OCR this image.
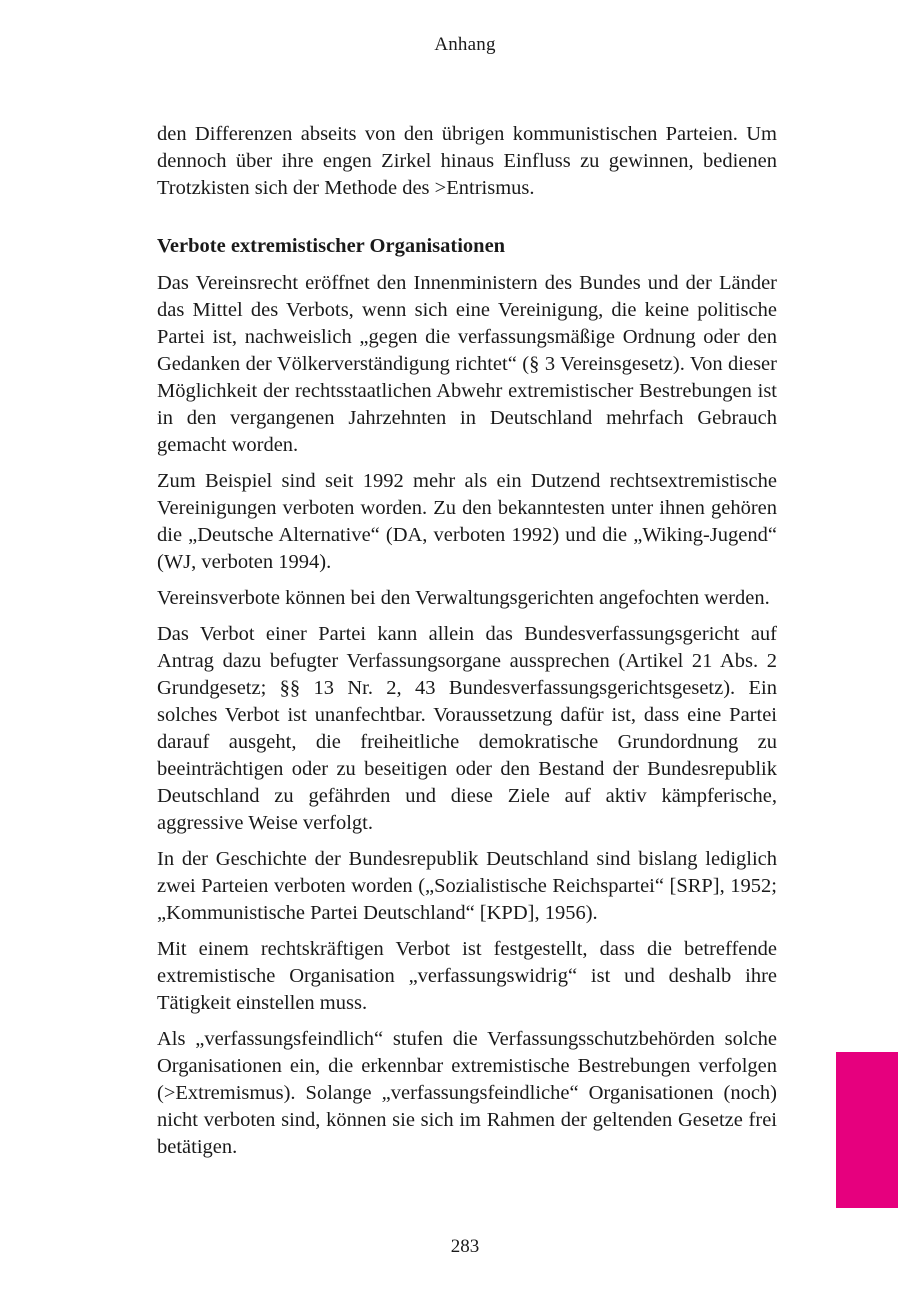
Anhang

den Differenzen abseits von den übrigen kommunistischen Parteien. Um dennoch über ihre engen Zirkel hinaus Einfluss zu gewinnen, bedienen Trotzkisten sich der Methode des >Entrismus.

Verbote extremistischer Organisationen

Das Vereinsrecht eröffnet den Innenministern des Bundes und der Länder das Mittel des Verbots, wenn sich eine Vereinigung, die keine politische Partei ist, nachweislich „gegen die verfassungsmäßige Ordnung oder den Gedanken der Völkerverständigung richtet“ (§ 3 Vereinsgesetz). Von dieser Möglichkeit der rechtsstaatlichen Abwehr extremistischer Bestrebungen ist in den vergangenen Jahrzehnten in Deutschland mehrfach Gebrauch gemacht worden.

Zum Beispiel sind seit 1992 mehr als ein Dutzend rechtsextremistische Vereinigungen verboten worden. Zu den bekanntesten unter ihnen gehören die „Deutsche Alternative“ (DA, verboten 1992) und die „Wiking-Jugend“ (WJ, verboten 1994).

Vereinsverbote können bei den Verwaltungsgerichten angefochten werden.

Das Verbot einer Partei kann allein das Bundesverfassungsgericht auf Antrag dazu befugter Verfassungsorgane aussprechen (Artikel 21 Abs. 2 Grundgesetz; §§ 13 Nr. 2, 43 Bundesverfassungsgerichtsgesetz). Ein solches Verbot ist unanfechtbar. Voraussetzung dafür ist, dass eine Partei darauf ausgeht, die freiheitliche demokratische Grundordnung zu beeinträchtigen oder zu beseitigen oder den Bestand der Bundesrepublik Deutschland zu gefährden und diese Ziele auf aktiv kämpferische, aggressive Weise verfolgt.

In der Geschichte der Bundesrepublik Deutschland sind bislang lediglich zwei Parteien verboten worden („Sozialistische Reichspartei“ [SRP], 1952; „Kommunistische Partei Deutschland“ [KPD], 1956).

Mit einem rechtskräftigen Verbot ist festgestellt, dass die betreffende extremistische Organisation „verfassungswidrig“ ist und deshalb ihre Tätigkeit einstellen muss.

Als „verfassungsfeindlich“ stufen die Verfassungsschutzbehörden solche Organisationen ein, die erkennbar extremistische Bestrebungen verfolgen (>Extremismus). Solange „verfassungsfeindliche“ Organisationen (noch) nicht verboten sind, können sie sich im Rahmen der geltenden Gesetze frei betätigen.

283
